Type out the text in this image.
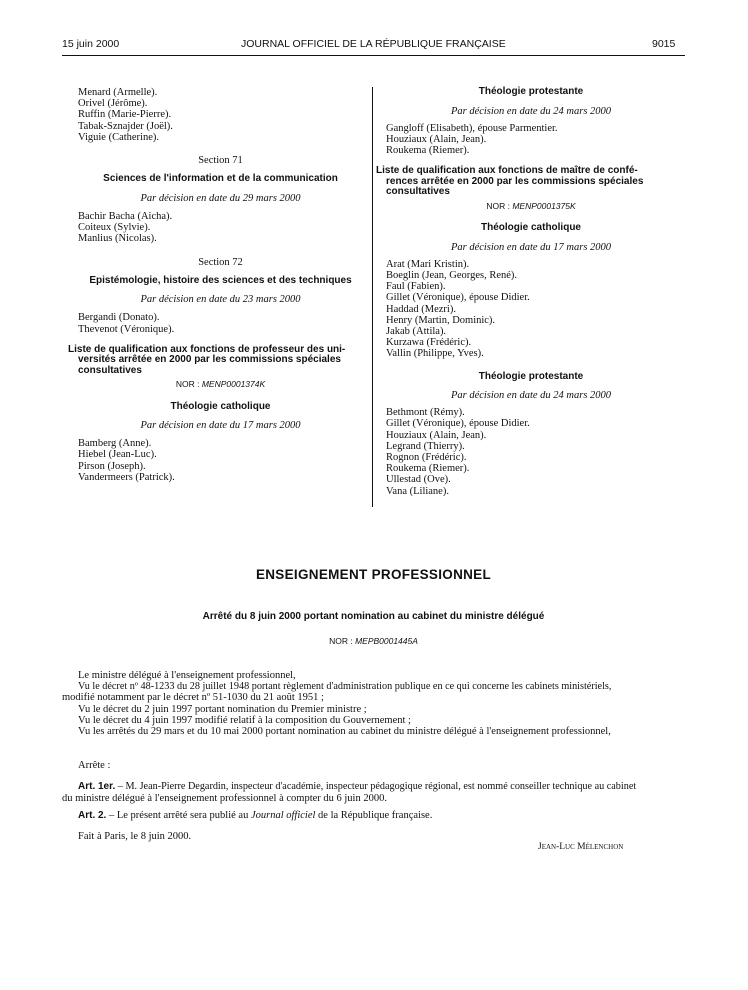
15 juin 2000	JOURNAL OFFICIEL DE LA RÉPUBLIQUE FRANÇAISE	9015
Menard (Armelle).
Orivel (Jérôme).
Ruffin (Marie-Pierre).
Tabak-Sznajder (Joël).
Viguie (Catherine).
Section 71
Sciences de l'information et de la communication
Par décision en date du 29 mars 2000
Bachir Bacha (Aicha).
Coiteux (Sylvie).
Manlius (Nicolas).
Section 72
Epistémologie, histoire des sciences et des techniques
Par décision en date du 23 mars 2000
Bergandi (Donato).
Thevenot (Véronique).
Liste de qualification aux fonctions de professeur des uni-
versités arrêtée en 2000 par les commissions spéciales
consultatives
NOR : MENP0001374K
Théologie catholique
Par décision en date du 17 mars 2000
Bamberg (Anne).
Hiebel (Jean-Luc).
Pirson (Joseph).
Vandermeers (Patrick).
Théologie protestante
Par décision en date du 24 mars 2000
Gangloff (Elisabeth), épouse Parmentier.
Houziaux (Alain, Jean).
Roukema (Riemer).
Liste de qualification aux fonctions de maître de confé-
rences arrêtée en 2000 par les commissions spéciales
consultatives
NOR : MENP0001375K
Théologie catholique
Par décision en date du 17 mars 2000
Arat (Mari Kristin).
Boeglin (Jean, Georges, René).
Faul (Fabien).
Gillet (Véronique), épouse Didier.
Haddad (Mezri).
Henry (Martin, Dominic).
Jakab (Attila).
Kurzawa (Frédéric).
Vallin (Philippe, Yves).
Théologie protestante
Par décision en date du 24 mars 2000
Bethmont (Rémy).
Gillet (Véronique), épouse Didier.
Houziaux (Alain, Jean).
Legrand (Thierry).
Rognon (Frédéric).
Roukema (Riemer).
Ullestad (Ove).
Vana (Liliane).
ENSEIGNEMENT PROFESSIONNEL
Arrêté du 8 juin 2000 portant nomination au cabinet du ministre délégué
NOR : MEPB0001445A
Le ministre délégué à l'enseignement professionnel,
Vu le décret nº 48-1233 du 28 juillet 1948 portant règlement d'administration publique en ce qui concerne les cabinets ministériels,
modifié notamment par le décret nº 51-1030 du 21 août 1951 ;
Vu le décret du 2 juin 1997 portant nomination du Premier ministre ;
Vu le décret du 4 juin 1997 modifié relatif à la composition du Gouvernement ;
Vu les arrêtés du 29 mars et du 10 mai 2000 portant nomination au cabinet du ministre délégué à l'enseignement professionnel,
Arrête :
Art. 1er. – M. Jean-Pierre Degardin, inspecteur d'académie, inspecteur pédagogique régional, est nommé conseiller technique au cabinet
du ministre délégué à l'enseignement professionnel à compter du 6 juin 2000.
Art. 2. – Le présent arrêté sera publié au Journal officiel de la République française.
Fait à Paris, le 8 juin 2000.
Jean-Luc Mélenchon
